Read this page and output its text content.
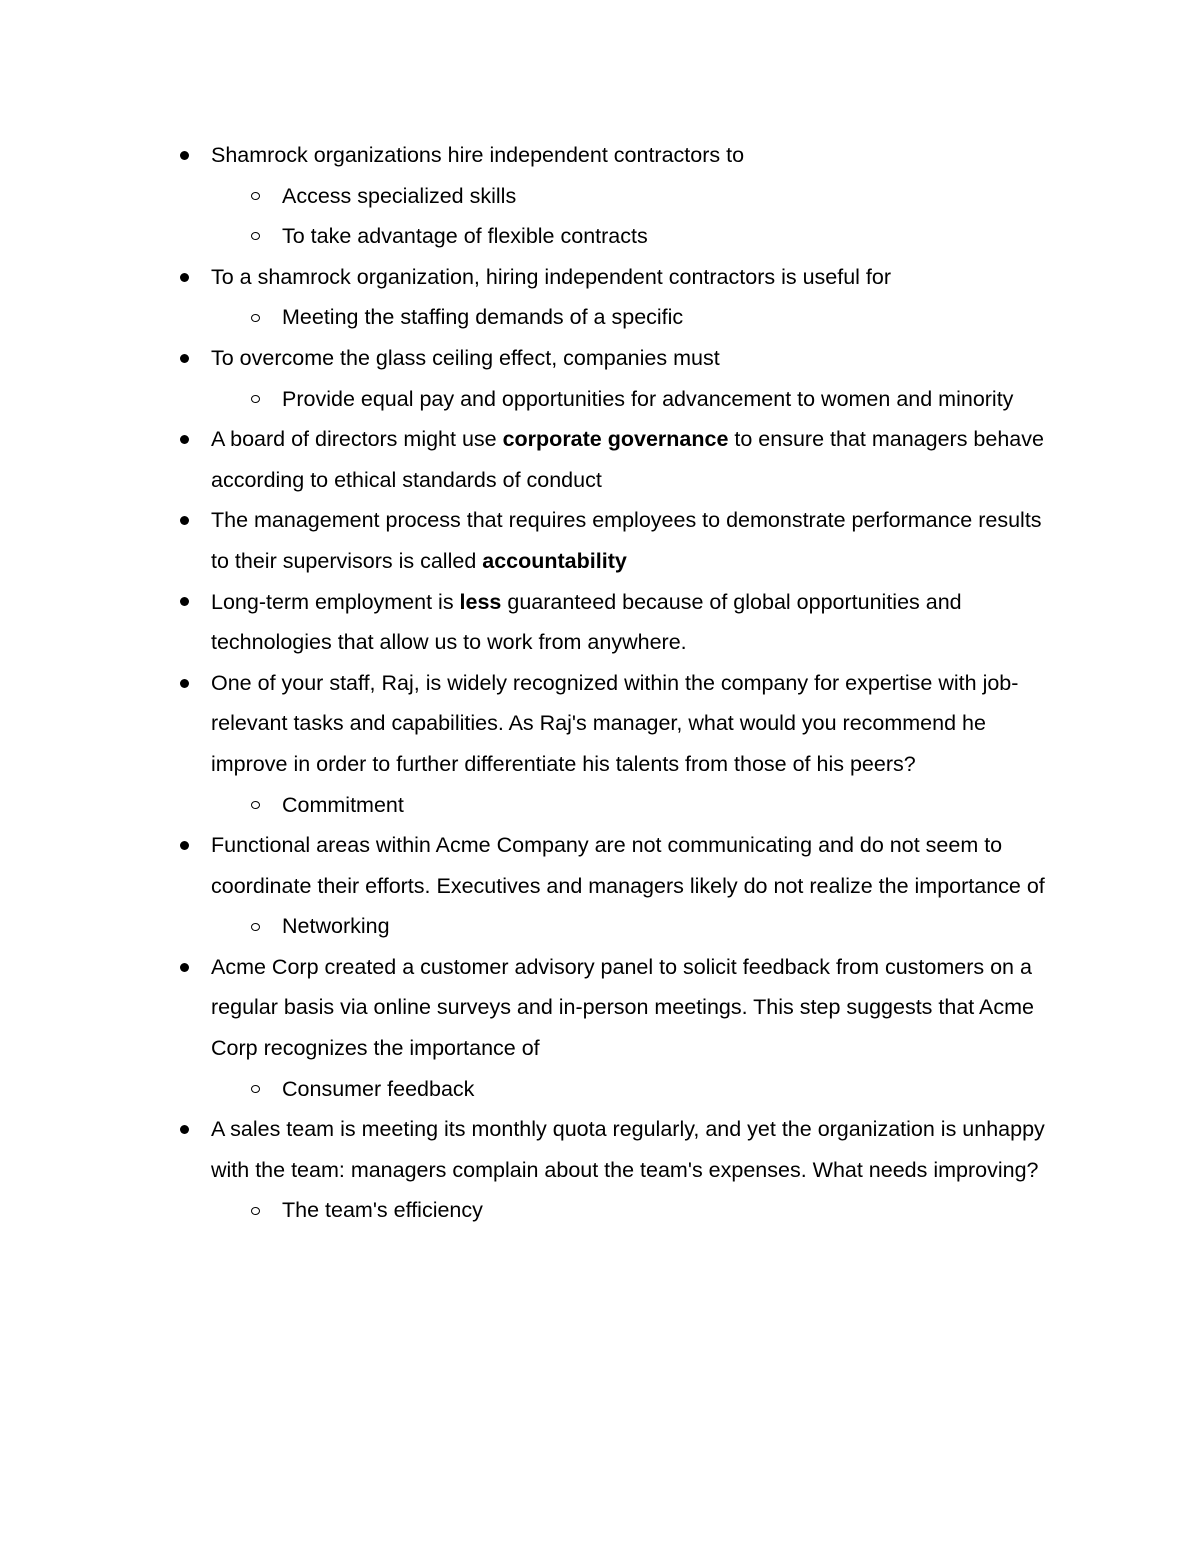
Shamrock organizations hire independent contractors to
Access specialized skills
To take advantage of flexible contracts
To a shamrock organization, hiring independent contractors is useful for
Meeting the staffing demands of a specific
To overcome the glass ceiling effect, companies must
Provide equal pay and opportunities for advancement to women and minority
A board of directors might use corporate governance to ensure that managers behave according to ethical standards of conduct
The management process that requires employees to demonstrate performance results to their supervisors is called accountability
Long-term employment is less guaranteed because of global opportunities and technologies that allow us to work from anywhere.
One of your staff, Raj, is widely recognized within the company for expertise with job-relevant tasks and capabilities. As Raj's manager, what would you recommend he improve in order to further differentiate his talents from those of his peers?
Commitment
Functional areas within Acme Company are not communicating and do not seem to coordinate their efforts. Executives and managers likely do not realize the importance of
Networking
Acme Corp created a customer advisory panel to solicit feedback from customers on a regular basis via online surveys and in-person meetings. This step suggests that Acme Corp recognizes the importance of
Consumer feedback
A sales team is meeting its monthly quota regularly, and yet the organization is unhappy with the team: managers complain about the team's expenses. What needs improving?
The team's efficiency
